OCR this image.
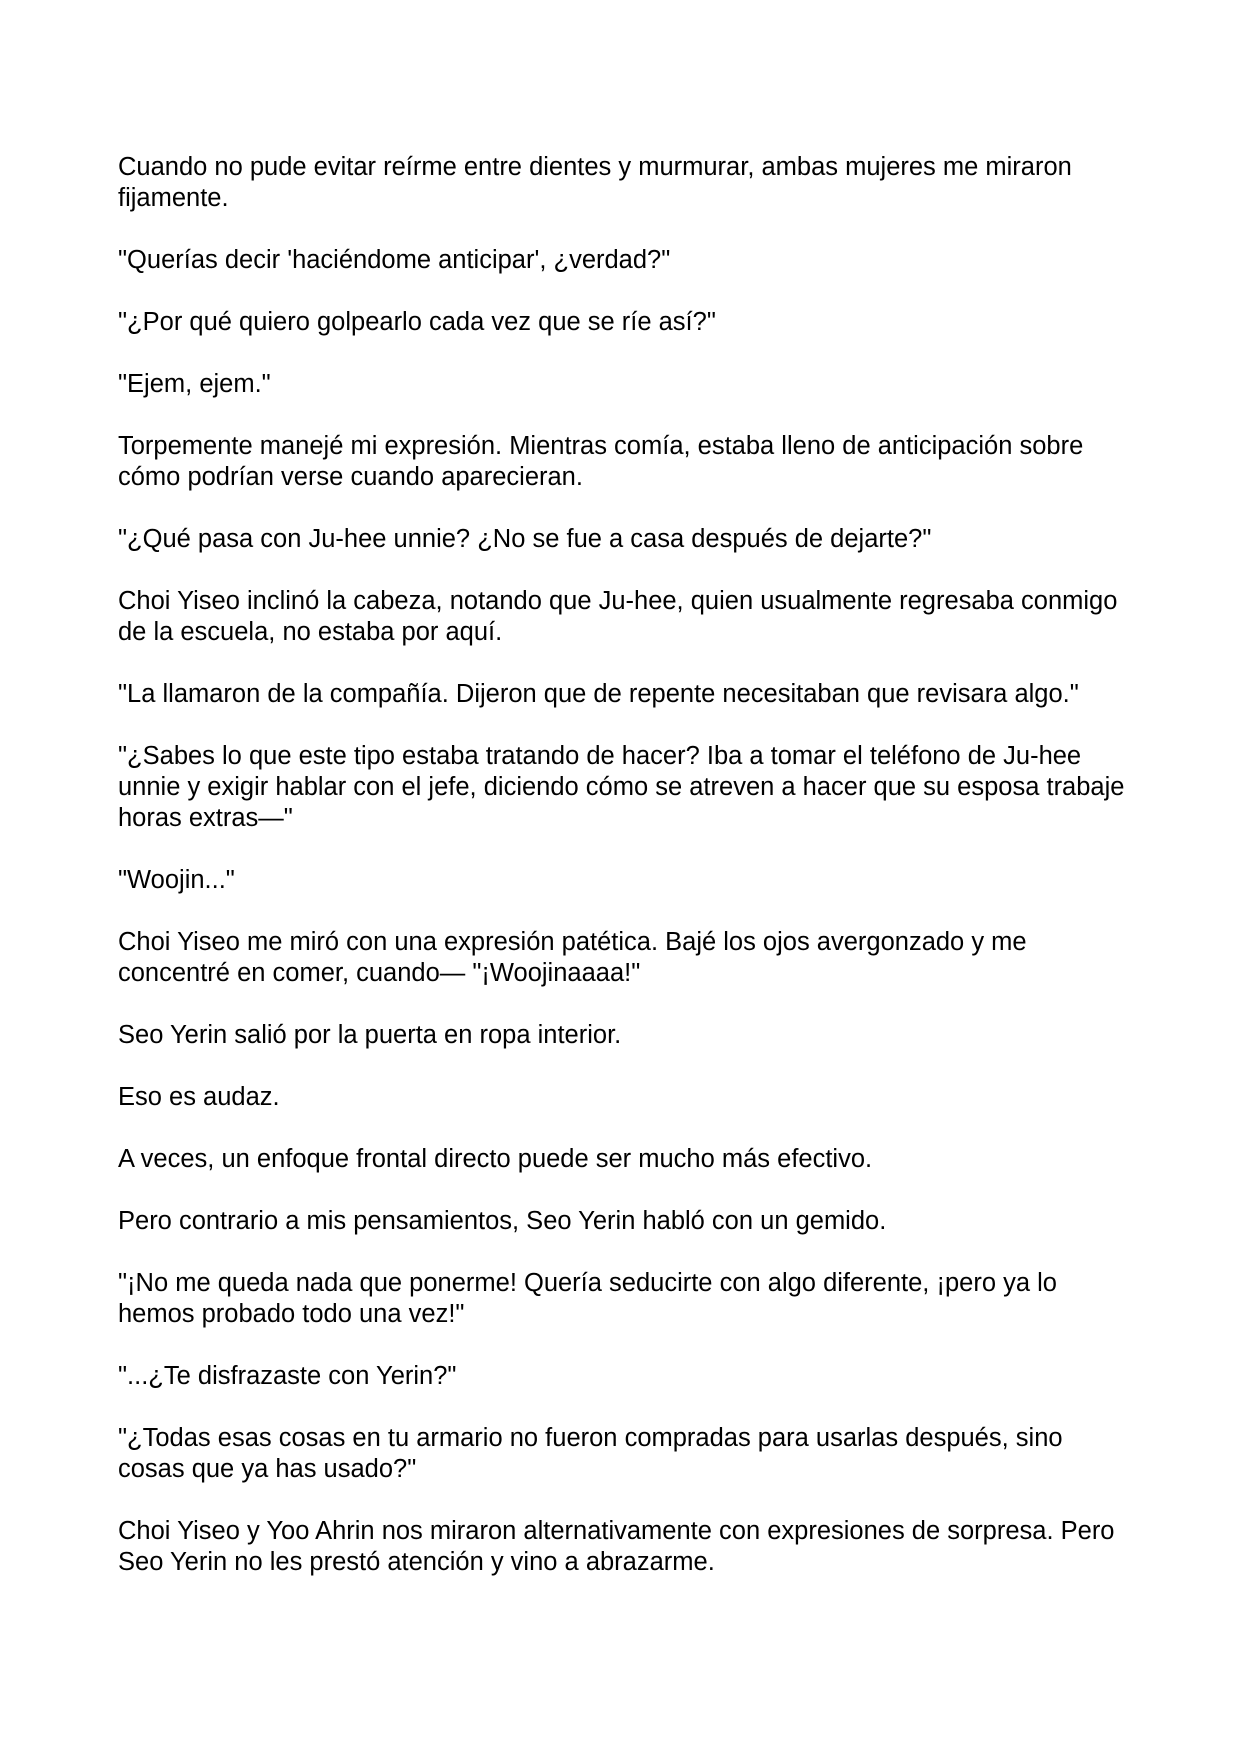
Cuando no pude evitar reírme entre dientes y murmurar, ambas mujeres me miraron fijamente.

"Querías decir 'haciéndome anticipar', ¿verdad?"

"¿Por qué quiero golpearlo cada vez que se ríe así?"

"Ejem, ejem."

Torpemente manejé mi expresión. Mientras comía, estaba lleno de anticipación sobre cómo podrían verse cuando aparecieran.

"¿Qué pasa con Ju-hee unnie? ¿No se fue a casa después de dejarte?"

Choi Yiseo inclinó la cabeza, notando que Ju-hee, quien usualmente regresaba conmigo de la escuela, no estaba por aquí.

"La llamaron de la compañía. Dijeron que de repente necesitaban que revisara algo."

"¿Sabes lo que este tipo estaba tratando de hacer? Iba a tomar el teléfono de Ju-hee unnie y exigir hablar con el jefe, diciendo cómo se atreven a hacer que su esposa trabaje horas extras—"

"Woojin..."

Choi Yiseo me miró con una expresión patética. Bajé los ojos avergonzado y me concentré en comer, cuando— "¡Woojinaaaa!"

Seo Yerin salió por la puerta en ropa interior.

Eso es audaz.

A veces, un enfoque frontal directo puede ser mucho más efectivo.

Pero contrario a mis pensamientos, Seo Yerin habló con un gemido.

"¡No me queda nada que ponerme! Quería seducirte con algo diferente, ¡pero ya lo hemos probado todo una vez!"

"...¿Te disfrazaste con Yerin?"

"¿Todas esas cosas en tu armario no fueron compradas para usarlas después, sino cosas que ya has usado?"

Choi Yiseo y Yoo Ahrin nos miraron alternativamente con expresiones de sorpresa. Pero Seo Yerin no les prestó atención y vino a abrazarme.
